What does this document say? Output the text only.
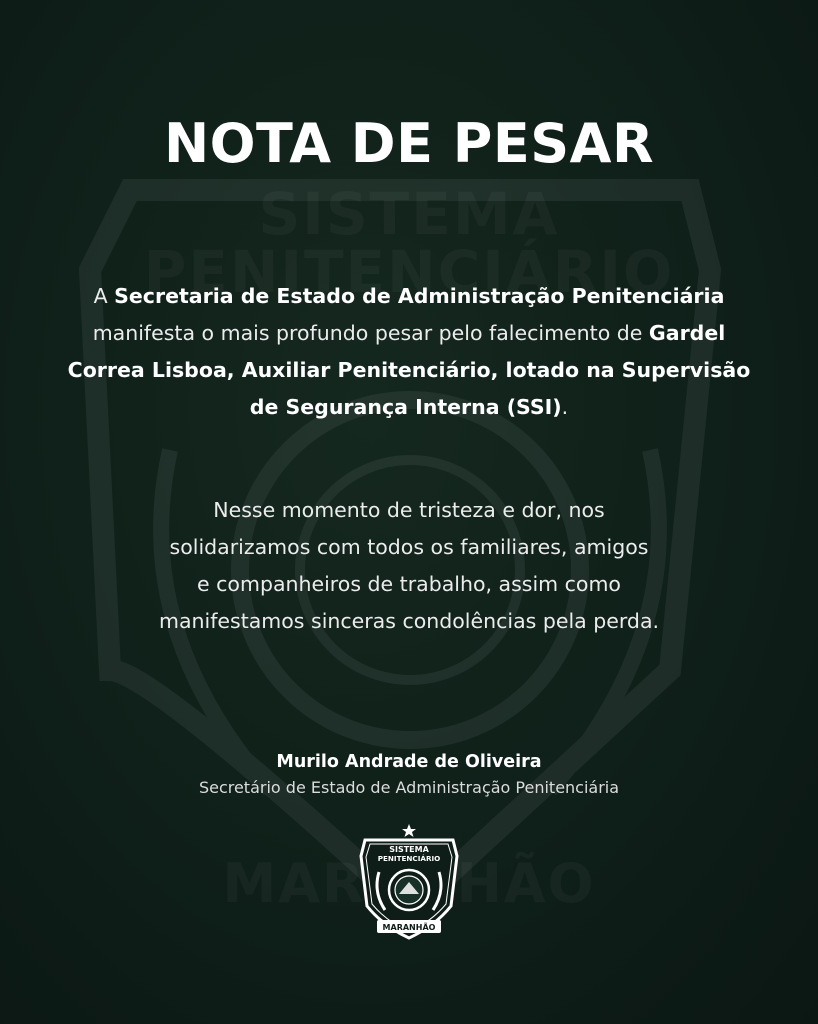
NOTA DE PESAR

A Secretaria de Estado de Administração Penitenciária manifesta o mais profundo pesar pelo falecimento de Gardel Correa Lisboa, Auxiliar Penitenciário, lotado na Supervisão de Segurança Interna (SSI).

Nesse momento de tristeza e dor, nos
solidarizamos com todos os familiares, amigos
e companheiros de trabalho, assim como
manifestamos sinceras condolências pela perda.

Murilo Andrade de Oliveira
Secretário de Estado de Administração Penitenciária
SISTEMA
PENITENCIÁRIO
MARANHÃO
